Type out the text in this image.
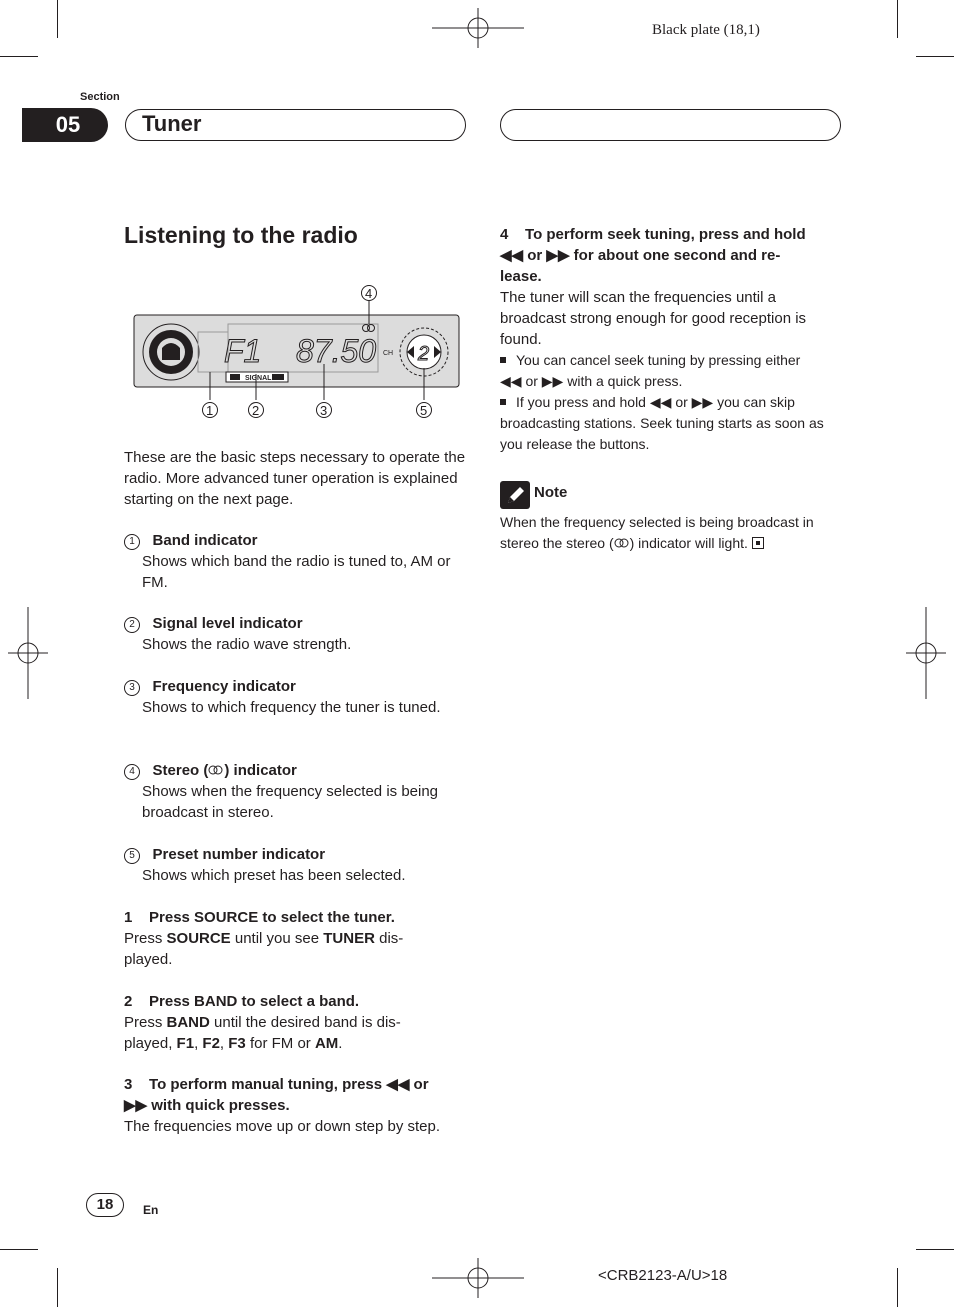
Black plate (18,1)
Section
05	Tuner
Listening to the radio
F1 87.50 CH
SIGNAL
2
4
1	2	3	5
These are the basic steps necessary to operate the radio. More advanced tuner operation is explained starting on the next page.
1 Band indicator
Shows which band the radio is tuned to, AM or FM.
2 Signal level indicator
Shows the radio wave strength.
3 Frequency indicator
Shows to which frequency the tuner is tuned.
4 Stereo ( ) indicator
Shows when the frequency selected is being broadcast in stereo.
5 Preset number indicator
Shows which preset has been selected.
1 Press SOURCE to select the tuner.
Press SOURCE until you see TUNER dis-
played.
2 Press BAND to select a band.
Press BAND until the desired band is dis-
played, F1, F2, F3 for FM or AM.
3 To perform manual tuning, press ◀◀ or
▶▶ with quick presses.
The frequencies move up or down step by step.
4 To perform seek tuning, press and hold
◀◀ or ▶▶ for about one second and re-
lease.
The tuner will scan the frequencies until a broadcast strong enough for good reception is found.
You can cancel seek tuning by pressing either
◀◀ or ▶▶ with a quick press.
If you press and hold ◀◀ or ▶▶ you can skip broadcasting stations. Seek tuning starts as soon as you release the buttons.
Note
When the frequency selected is being broadcast in stereo the stereo ( ) indicator will light.
18	En
<CRB2123-A/U>18
